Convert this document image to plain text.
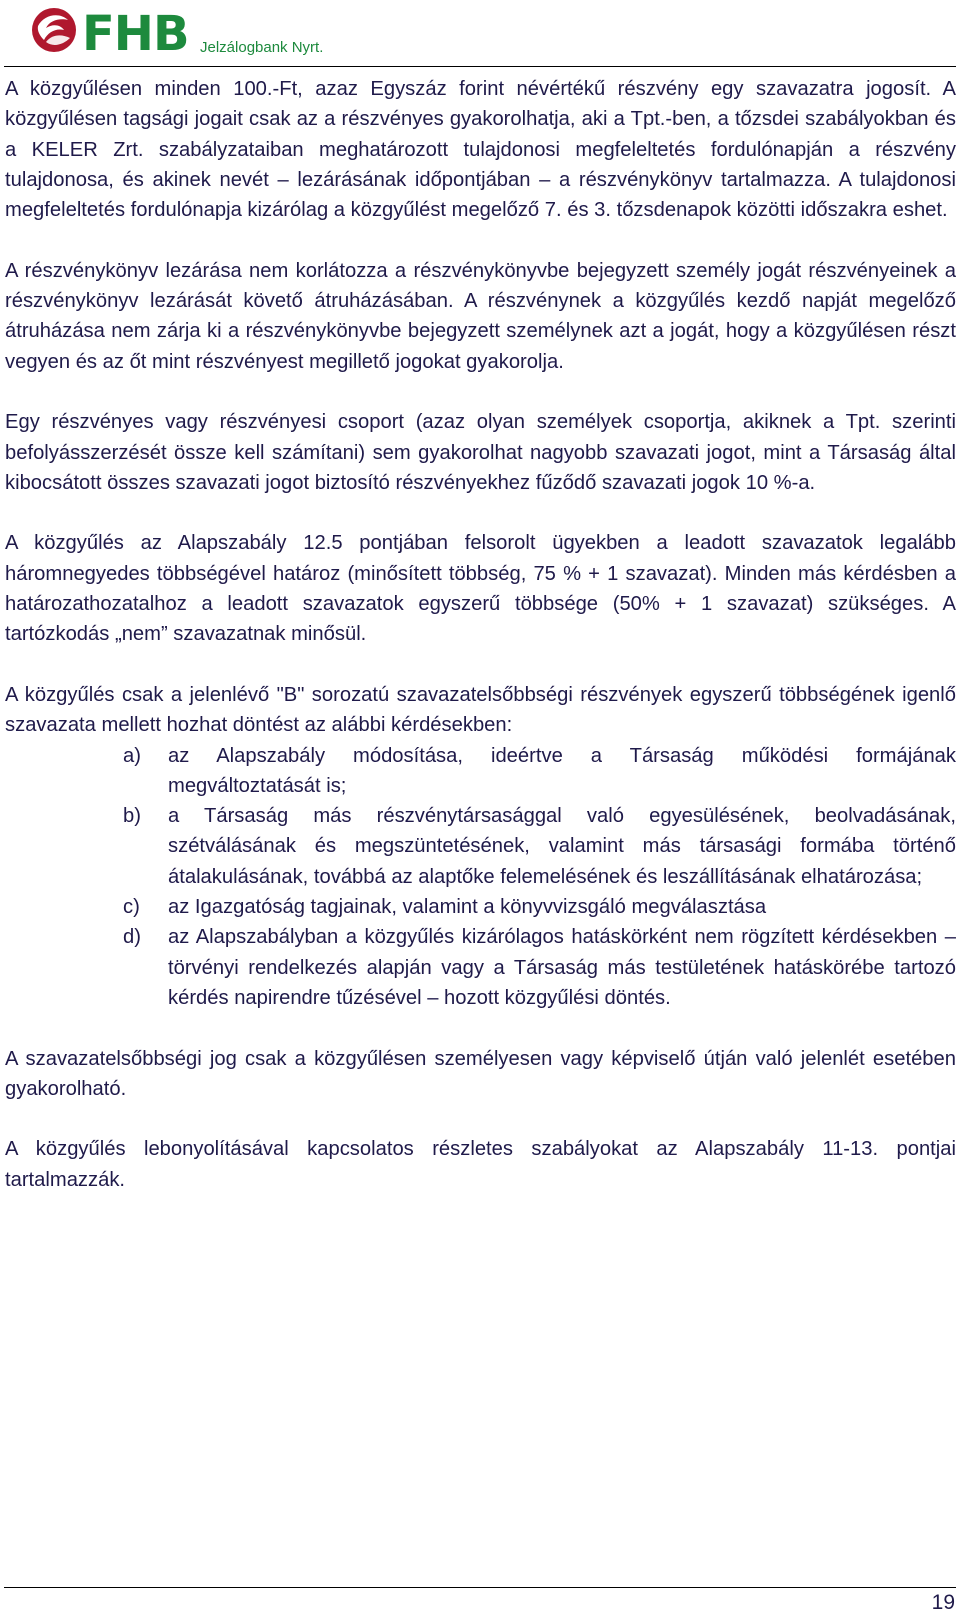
FHB Jelzálogbank Nyrt.

A közgyűlésen minden 100.-Ft, azaz Egyszáz forint névértékű részvény egy szavazatra jogosít. A közgyűlésen tagsági jogait csak az a részvényes gyakorolhatja, aki a Tpt.-ben, a tőzsdei szabályokban és a KELER Zrt. szabályzataiban meghatározott tulajdonosi megfeleltetés fordulónapján a részvény tulajdonosa, és akinek nevét – lezárásának időpontjában – a részvénykönyv tartalmazza. A tulajdonosi megfeleltetés fordulónapja kizárólag a közgyűlést megelőző 7. és 3. tőzsdenapok közötti időszakra eshet.

A részvénykönyv lezárása nem korlátozza a részvénykönyvbe bejegyzett személy jogát részvényeinek a részvénykönyv lezárását követő átruházásában. A részvénynek a közgyűlés kezdő napját megelőző átruházása nem zárja ki a részvénykönyvbe bejegyzett személynek azt a jogát, hogy a közgyűlésen részt vegyen és az őt mint részvényest megillető jogokat gyakorolja.

Egy részvényes vagy részvényesi csoport (azaz olyan személyek csoportja, akiknek a Tpt. szerinti befolyásszerzését össze kell számítani) sem gyakorolhat nagyobb szavazati jogot, mint a Társaság által kibocsátott összes szavazati jogot biztosító részvényekhez fűződő szavazati jogok 10 %-a.

A közgyűlés az Alapszabály 12.5 pontjában felsorolt ügyekben a leadott szavazatok legalább háromnegyedes többségével határoz (minősített többség, 75 % + 1 szavazat). Minden más kérdésben a határozathozatalhoz a leadott szavazatok egyszerű többsége (50% + 1 szavazat) szükséges. A tartózkodás „nem” szavazatnak minősül.

A közgyűlés csak a jelenlévő "B" sorozatú szavazatelsőbbségi részvények egyszerű többségének igenlő szavazata mellett hozhat döntést az alábbi kérdésekben:

a) az Alapszabály módosítása, ideértve a Társaság működési formájának megváltoztatását is;
b) a Társaság más részvénytársasággal való egyesülésének, beolvadásának, szétválásának és megszüntetésének, valamint más társasági formába történő átalakulásának, továbbá az alaptőke felemelésének és leszállításának elhatározása;
c) az Igazgatóság tagjainak, valamint a könyvvizsgáló megválasztása
d) az Alapszabályban a közgyűlés kizárólagos hatáskörként nem rögzített kérdésekben – törvényi rendelkezés alapján vagy a Társaság más testületének hatáskörébe tartozó kérdés napirendre tűzésével – hozott közgyűlési döntés.

A szavazatelsőbbségi jog csak a közgyűlésen személyesen vagy képviselő útján való jelenlét esetében gyakorolható.

A közgyűlés lebonyolításával kapcsolatos részletes szabályokat az Alapszabály 11-13. pontjai tartalmazzák.

19
